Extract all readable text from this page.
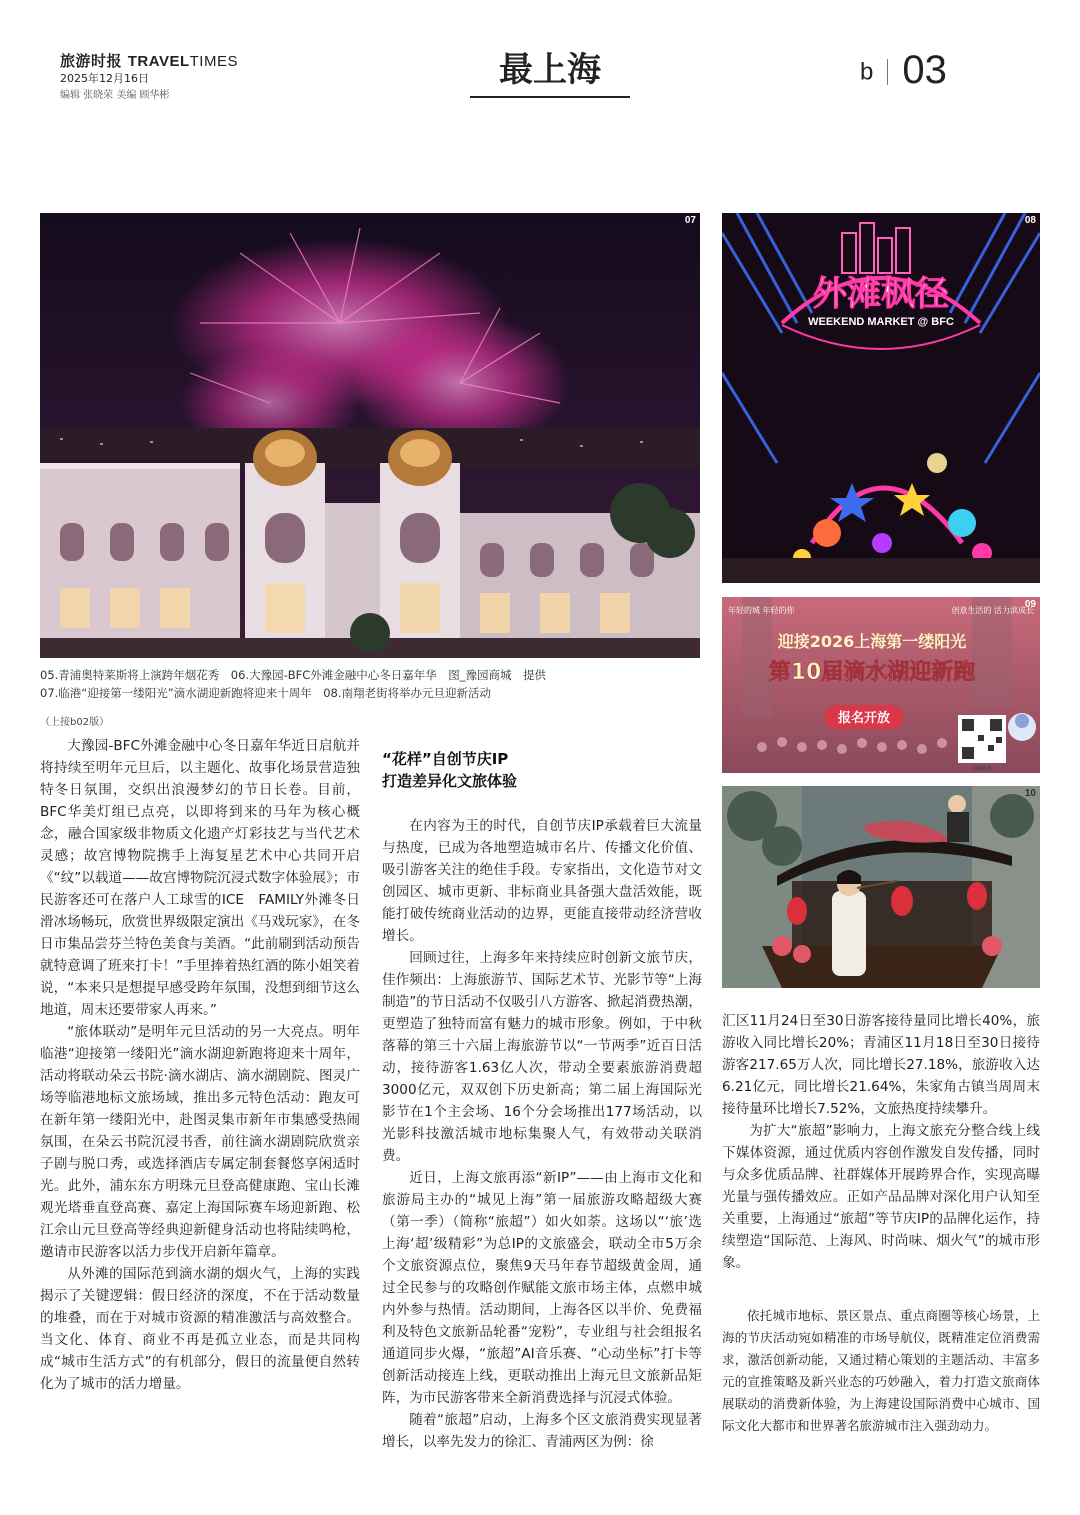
旅游时报 TRAVELTIMES
2025年12月16日
编辑 张晓荣 美编 顾华彬
最上海	b 03
07
外滩枫径
WEEKEND MARKET @ BFC
08
年轻的城 年轻的你	创意生活的 活力滨成长
迎接2026上海第一缕阳光
第10届滴水湖迎新跑
报名开放
扫码报名
09
10
05.青浦奥特莱斯将上演跨年烟花秀　06.大豫园-BFC外滩金融中心冬日嘉年华　图_豫园商城　提供
07.临港“迎接第一缕阳光”滴水湖迎新跑将迎来十周年　08.南翔老街将举办元旦迎新活动
（上接b02版）

大豫园-BFC外滩金融中心冬日嘉年华近日启航并将持续至明年元旦后，以主题化、故事化场景营造独特冬日氛围，交织出浪漫梦幻的节日长卷。目前，BFC华美灯组已点亮，以即将到来的马年为核心概念，融合国家级非物质文化遗产灯彩技艺与当代艺术灵感；故宫博物院携手上海复星艺术中心共同开启《“纹”以载道——故宫博物院沉浸式数字体验展》；市民游客还可在落户人工球雪的ICE　FAMILY外滩冬日滑冰场畅玩，欣赏世界级限定演出《马戏玩家》，在冬日市集品尝芬兰特色美食与美酒。“此前刷到活动预告就特意调了班来打卡！”手里捧着热红酒的陈小姐笑着说，“本来只是想提早感受跨年氛围，没想到细节这么地道，周末还要带家人再来。”

“旅体联动”是明年元旦活动的另一大亮点。明年临港“迎接第一缕阳光”滴水湖迎新跑将迎来十周年，活动将联动朵云书院·滴水湖店、滴水湖剧院、图灵广场等临港地标文旅场域，推出多元特色活动：跑友可在新年第一缕阳光中，赴图灵集市新年市集感受热闹氛围，在朵云书院沉浸书香，前往滴水湖剧院欣赏亲子剧与脱口秀，或选择酒店专属定制套餐悠享闲适时光。此外，浦东东方明珠元旦登高健康跑、宝山长滩观光塔垂直登高赛、嘉定上海国际赛车场迎新跑、松江佘山元旦登高等经典迎新健身活动也将陆续鸣枪，邀请市民游客以活力步伐开启新年篇章。

从外滩的国际范到滴水湖的烟火气，上海的实践揭示了关键逻辑：假日经济的深度，不在于活动数量的堆叠，而在于对城市资源的精准激活与高效整合。当文化、体育、商业不再是孤立业态，而是共同构成“城市生活方式”的有机部分，假日的流量便自然转化为了城市的活力增量。

“花样”自创节庆IP
打造差异化文旅体验

在内容为王的时代，自创节庆IP承载着巨大流量与热度，已成为各地塑造城市名片、传播文化价值、吸引游客关注的绝佳手段。专家指出，文化造节对文创园区、城市更新、非标商业具备强大盘活效能，既能打破传统商业活动的边界，更能直接带动经济营收增长。

回顾过往，上海多年来持续应时创新文旅节庆，佳作频出：上海旅游节、国际艺术节、光影节等“上海制造”的节日活动不仅吸引八方游客、掀起消费热潮，更塑造了独特而富有魅力的城市形象。例如，于中秋落幕的第三十六届上海旅游节以“一节两季”近百日活动，接待游客1.63亿人次，带动全要素旅游消费超3000亿元，双双创下历史新高；第二届上海国际光影节在1个主会场、16个分会场推出177场活动，以光影科技激活城市地标集聚人气，有效带动关联消费。

近日，上海文旅再添“新IP”——由上海市文化和旅游局主办的“城见上海”第一届旅游攻略超级大赛（第一季）（简称“旅超”）如火如荼。这场以“‘旅’选上海‘超’级精彩”为总IP的文旅盛会，联动全市5万余个文旅资源点位，聚焦9天马年春节超级黄金周，通过全民参与的攻略创作赋能文旅市场主体，点燃申城内外参与热情。活动期间，上海各区以半价、免费福利及特色文旅新品轮番“宠粉”，专业组与社会组报名通道同步火爆，“旅超”AI音乐赛、“心动坐标”打卡等创新活动接连上线，更联动推出上海元旦文旅新品矩阵，为市民游客带来全新消费选择与沉浸式体验。

随着“旅超”启动，上海多个区文旅消费实现显著增长，以率先发力的徐汇、青浦两区为例：徐

汇区11月24日至30日游客接待量同比增长40%，旅游收入同比增长20%；青浦区11月18日至30日接待游客217.65万人次，同比增长27.18%，旅游收入达6.21亿元，同比增长21.64%，朱家角古镇当周周末接待量环比增长7.52%，文旅热度持续攀升。

为扩大“旅超”影响力，上海文旅充分整合线上线下媒体资源，通过优质内容创作激发自发传播，同时与众多优质品牌、社群媒体开展跨界合作，实现高曝光量与强传播效应。正如产品品牌对深化用户认知至关重要，上海通过“旅超”等节庆IP的品牌化运作，持续塑造“国际范、上海风、时尚味、烟火气”的城市形象。

依托城市地标、景区景点、重点商圈等核心场景，上海的节庆活动宛如精准的市场导航仪，既精准定位消费需求，激活创新动能，又通过精心策划的主题活动、丰富多元的宣推策略及新兴业态的巧妙融入，着力打造文旅商体展联动的消费新体验，为上海建设国际消费中心城市、国际文化大都市和世界著名旅游城市注入强劲动力。
